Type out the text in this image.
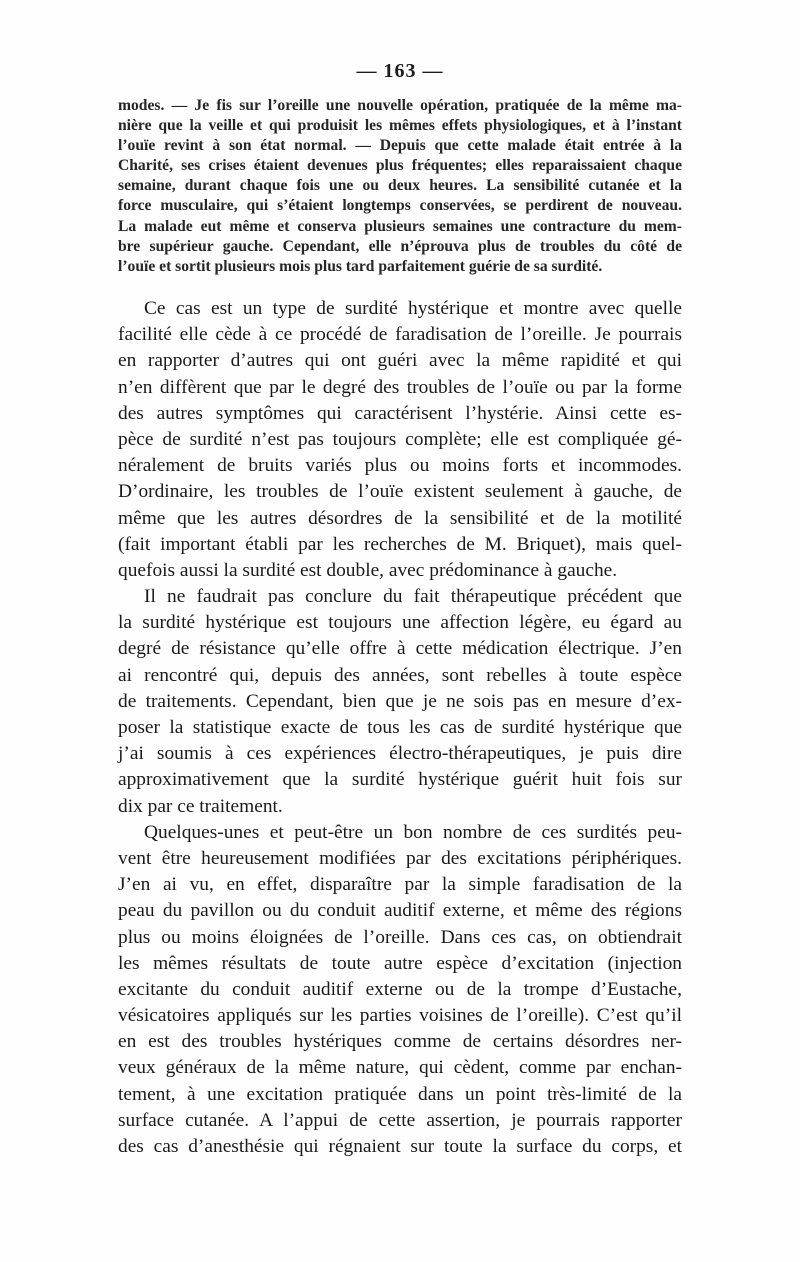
— 163 —
modes. — Je fis sur l’oreille une nouvelle opération, pratiquée de la même ma-
nière que la veille et qui produisit les mêmes effets physiologiques, et à l’instant
l’ouïe revint à son état normal. — Depuis que cette malade était entrée à la
Charité, ses crises étaient devenues plus fréquentes; elles reparaissaient chaque
semaine, durant chaque fois une ou deux heures. La sensibilité cutanée et la
force musculaire, qui s’étaient longtemps conservées, se perdirent de nouveau.
La malade eut même et conserva plusieurs semaines une contracture du mem-
bre supérieur gauche. Cependant, elle n’éprouva plus de troubles du côté de
l’ouïe et sortit plusieurs mois plus tard parfaitement guérie de sa surdité.
Ce cas est un type de surdité hystérique et montre avec quelle
facilité elle cède à ce procédé de faradisation de l’oreille. Je pourrais
en rapporter d’autres qui ont guéri avec la même rapidité et qui
n’en diffèrent que par le degré des troubles de l’ouïe ou par la forme
des autres symptômes qui caractérisent l’hystérie. Ainsi cette es-
pèce de surdité n’est pas toujours complète; elle est compliquée gé-
néralement de bruits variés plus ou moins forts et incommodes.
D’ordinaire, les troubles de l’ouïe existent seulement à gauche, de
même que les autres désordres de la sensibilité et de la motilité
(fait important établi par les recherches de M. Briquet), mais quel-
quefois aussi la surdité est double, avec prédominance à gauche.
Il ne faudrait pas conclure du fait thérapeutique précédent que
la surdité hystérique est toujours une affection légère, eu égard au
degré de résistance qu’elle offre à cette médication électrique. J’en
ai rencontré qui, depuis des années, sont rebelles à toute espèce
de traitements. Cependant, bien que je ne sois pas en mesure d’ex-
poser la statistique exacte de tous les cas de surdité hystérique que
j’ai soumis à ces expériences électro-thérapeutiques, je puis dire
approximativement que la surdité hystérique guérit huit fois sur
dix par ce traitement.
Quelques-unes et peut-être un bon nombre de ces surdités peu-
vent être heureusement modifiées par des excitations périphériques.
J’en ai vu, en effet, disparaître par la simple faradisation de la
peau du pavillon ou du conduit auditif externe, et même des régions
plus ou moins éloignées de l’oreille. Dans ces cas, on obtiendrait
les mêmes résultats de toute autre espèce d’excitation (injection
excitante du conduit auditif externe ou de la trompe d’Eustache,
vésicatoires appliqués sur les parties voisines de l’oreille). C’est qu’il
en est des troubles hystériques comme de certains désordres ner-
veux généraux de la même nature, qui cèdent, comme par enchan-
tement, à une excitation pratiquée dans un point très-limité de la
surface cutanée. A l’appui de cette assertion, je pourrais rapporter
des cas d’anesthésie qui régnaient sur toute la surface du corps, et
